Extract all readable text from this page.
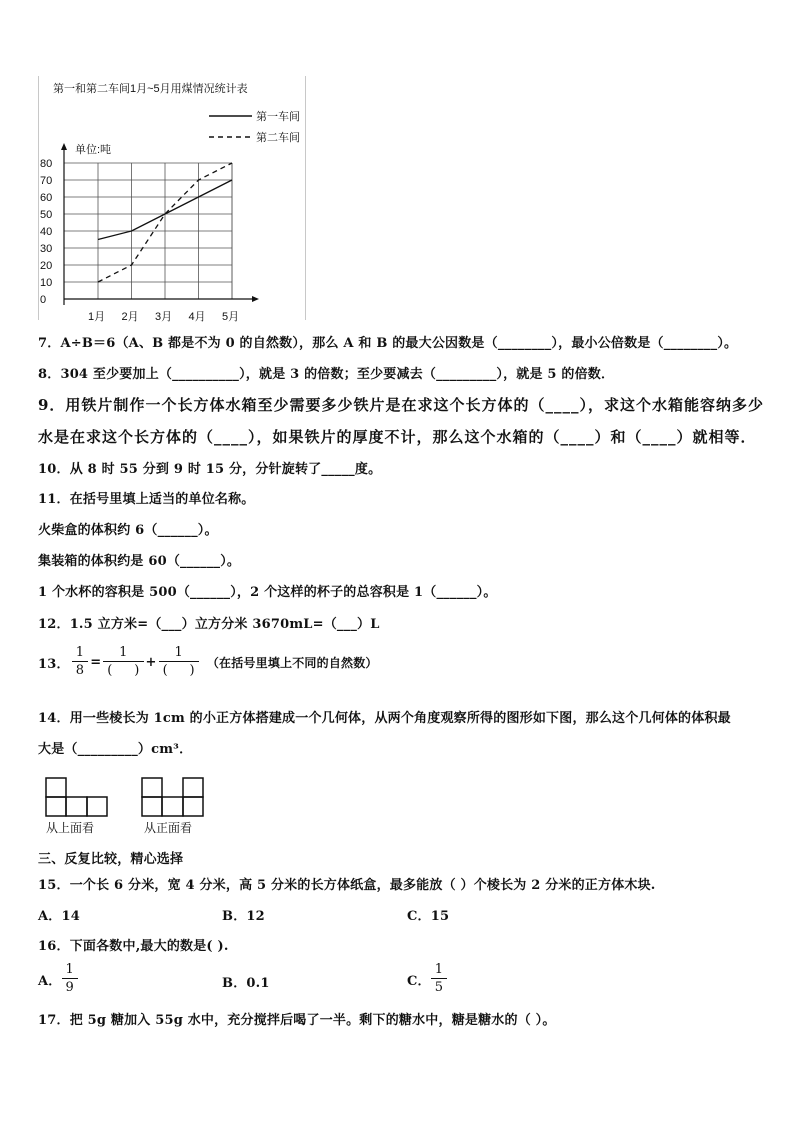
第一和第二车间1月~5月用煤情况统计表
第一车间
第二车间
单位:吨
0
10
20
30
40
50
60
70
80
1月 2月 3月 4月 5月
7．A÷B＝6（A、B 都是不为 0 的自然数），那么 A 和 B 的最大公因数是（________），最小公倍数是（________）。
8．304 至少要加上（__________），就是 3 的倍数；至少要减去（_________），就是 5 的倍数．
9．用铁片制作一个长方体水箱至少需要多少铁片是在求这个长方体的（____），求这个水箱能容纳多少
水是在求这个长方体的（____），如果铁片的厚度不计，那么这个水箱的（____）和（____）就相等．
10．从 8 时 55 分到 9 时 15 分，分针旋转了_____度。
11．在括号里填上适当的单位名称。
火柴盒的体积约 6（______）。
集装箱的体积约是 60（______）。
1 个水杯的容积是 500（______），2 个这样的杯子的总容积是 1（______）。
12．1.5 立方米=（___）立方分米 3670mL=（___）L
13． $\frac{1}{8} = \frac{1}{( )} + \frac{1}{( )}$ （在括号里填上不同的自然数）
14．用一些棱长为 1cm 的小正方体搭建成一个几何体，从两个角度观察所得的图形如下图，那么这个几何体的体积最
大是（_________）cm³．
从上面看	从正面看
三、反复比较，精心选择
15．一个长 6 分米，宽 4 分米，高 5 分米的长方体纸盒，最多能放（ ）个棱长为 2 分米的正方体木块.
A．14	B．12	C．15
16．下面各数中,最大的数是( ).
A． $\frac{1}{9}$	B．0.1	C． $\frac{1}{5}$
17．把 5g 糖加入 55g 水中，充分搅拌后喝了一半。剩下的糖水中，糖是糖水的（ ）。
